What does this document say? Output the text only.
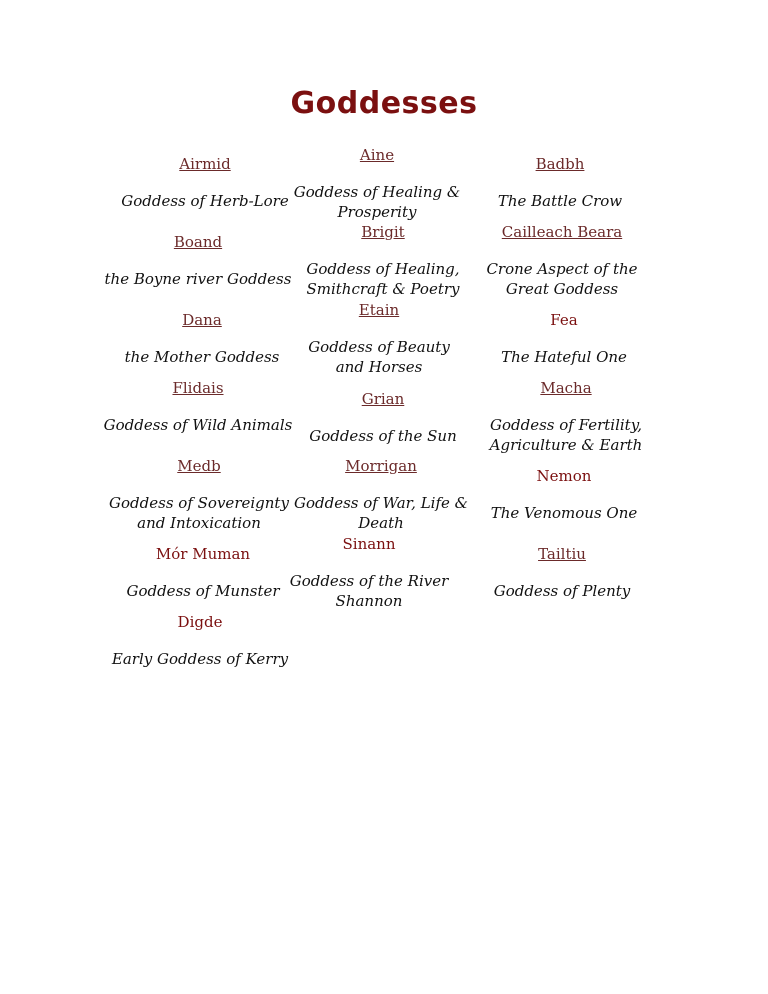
Goddesses
Airmid
Goddess of Herb-Lore
Boand
the Boyne river Goddess
Dana
the Mother Goddess
Flidais
Goddess of Wild Animals
Medb
Goddess of Sovereignty and Intoxication
Mór Muman
Goddess of Munster
Digde
Early Goddess of Kerry
Aine
Goddess of Healing & Prosperity
Brigit
Goddess of Healing, Smithcraft & Poetry
Etain
Goddess of Beauty and Horses
Grian
Goddess of the Sun
Morrigan
Goddess of War, Life & Death
Sinann
Goddess of the River Shannon
Badbh
The Battle Crow
Cailleach Beara
Crone Aspect of the Great Goddess
Fea
The Hateful One
Macha
Goddess of Fertility, Agriculture & Earth
Nemon
The Venomous One
Tailtiu
Goddess of Plenty
